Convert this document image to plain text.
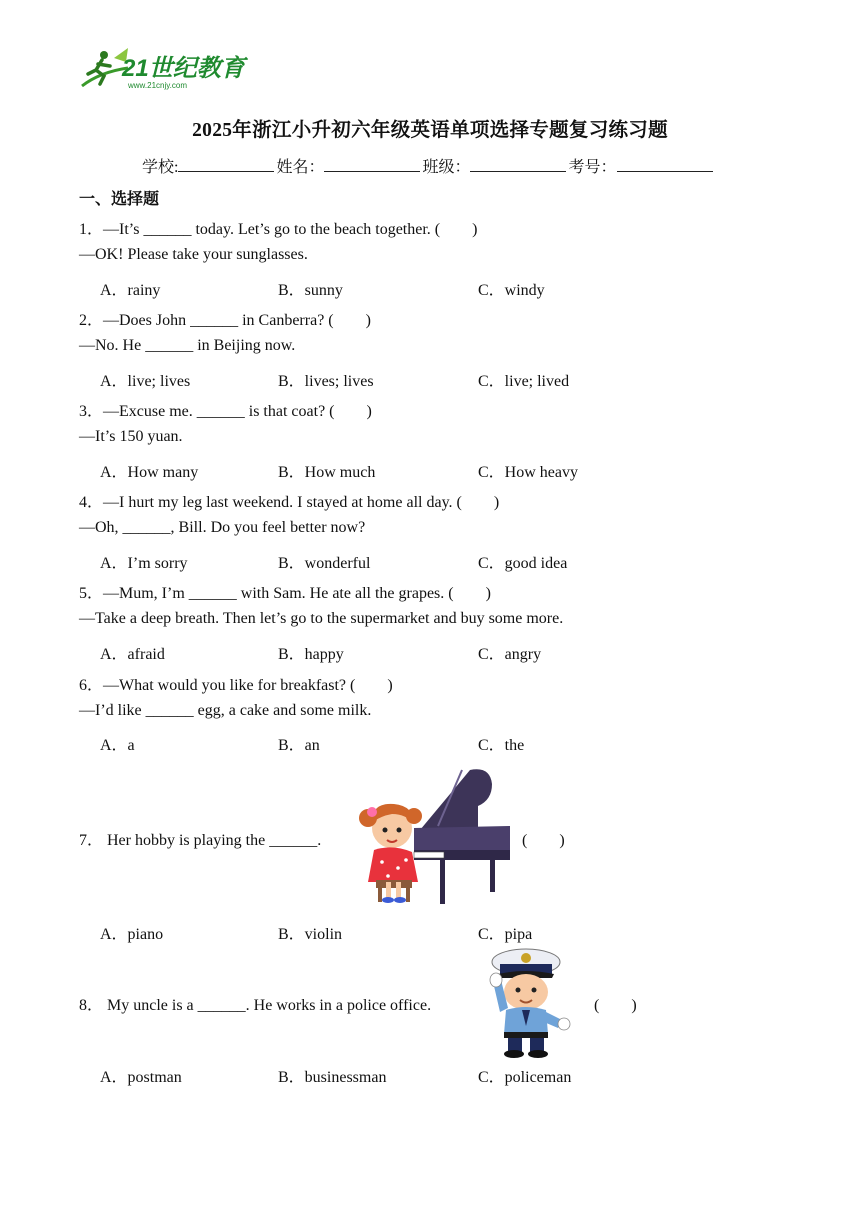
21世纪教育
www.21cnjy.com
2025年浙江小升初六年级英语单项选择专题复习练习题
学校:	姓名：	班级：	考号：
一、选择题
1．—It’s ______ today. Let’s go to the beach together. (　　)
—OK! Please take your sunglasses.
A．rainy	B．sunny	C．windy
2．—Does John ______ in Canberra? (　　)
—No. He ______ in Beijing now.
A．live; lives	B．lives; lives	C．live; lived
3．—Excuse me. ______ is that coat? (　　)
—It’s 150 yuan.
A．How many	B．How much	C．How heavy
4．—I hurt my leg last weekend. I stayed at home all day. (　　)
—Oh, ______, Bill. Do you feel better now?
A．I’m sorry	B．wonderful	C．good idea
5．—Mum, I’m ______ with Sam. He ate all the grapes. (　　)
—Take a deep breath. Then let’s go to the supermarket and buy some more.
A．afraid	B．happy	C．angry
6．—What would you like for breakfast? (　　)
—I’d like ______ egg, a cake and some milk.
A．a	B．an	C．the
7． Her hobby is playing the ______.	(　　)
A．piano	B．violin	C．pipa
8． My uncle is a ______. He works in a police office.	(　　)
A．postman	B．businessman	C．policeman
